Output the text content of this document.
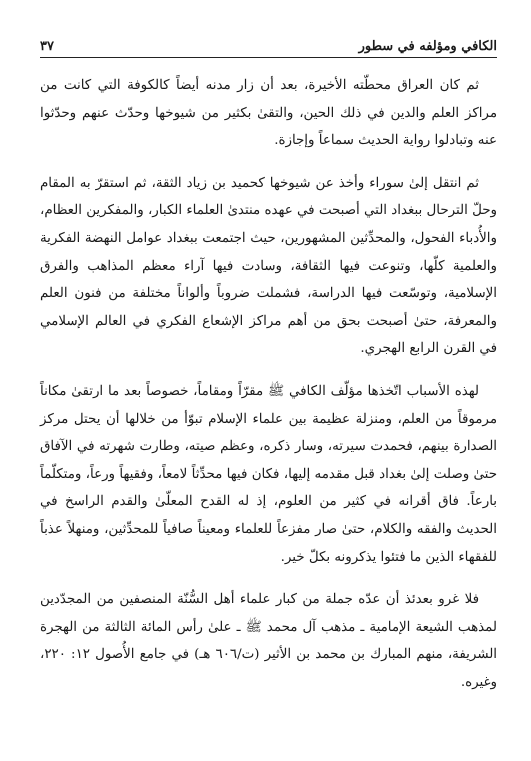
الكافي ومؤلفه في سطور
٣٧

ثم كان العراق محطّته الأخيرة، بعد أن زار مدنه أيضاً كالكوفة التي كانت من مراكز العلم والدين في ذلك الحين، والتقىٰ بكثير من شيوخها وحدّث عنهم وحدّثوا عنه وتبادلوا رواية الحديث سماعاً وإجازة.

ثم انتقل إلىٰ سوراء وأخذ عن شيوخها كحميد بن زياد الثقة، ثم استقرّ به المقام وحلّ الترحال ببغداد التي أصبحت في عهده منتدىٰ العلماء الكبار، والمفكرين العظام، والأُدباء الفحول، والمحدِّثين المشهورين، حيث اجتمعت ببغداد عوامل النهضة الفكرية والعلمية كلّها، وتنوعت فيها الثقافة، وسادت فيها آراء معظم المذاهب والفرق الإسلامية، وتوسّعت فيها الدراسة، فشملت ضروباً وألواناً مختلفة من فنون العلم والمعرفة، حتىٰ أصبحت بحق من أهم مراكز الإشعاع الفكري في العالم الإسلامي في القرن الرابع الهجري.

لهذه الأسباب اتّخذها مؤلّف الكافي ﷺ مقرّاً ومقاماً، خصوصاً بعد ما ارتقىٰ مكاناً مرموقاً من العلم، ومنزلة عظيمة بين علماء الإسلام تبوّأ من خلالها أن يحتل مركز الصدارة بينهم، فحمدت سيرته، وسار ذكره، وعظم صيته، وطارت شهرته في الآفاق حتىٰ وصلت إلىٰ بغداد قبل مقدمه إليها، فكان فيها محدِّثاً لامعاً، وفقيهاً ورعاً، ومتكلّماً بارعاً. فاق أقرانه في كثير من العلوم، إذ له القدح المعلّىٰ والقدم الراسخ في الحديث والفقه والكلام، حتىٰ صار مفزعاً للعلماء ومعيناً صافياً للمحدِّثين، ومنهلاً عذباً للفقهاء الذين ما فتئوا يذكرونه بكلّ خير.

فلا غرو بعدئذ أن عدّه جملة من كبار علماء أهل السُّنّة المنصفين من المجدّدين لمذهب الشيعة الإمامية ـ مذهب آل محمد ﷺ ـ علىٰ رأس المائة الثالثة من الهجرة الشريفة، منهم المبارك بن محمد بن الأثير (ت/٦٠٦ هـ) في جامع الأُصول ١٢: ٢٢٠، وغيره.
